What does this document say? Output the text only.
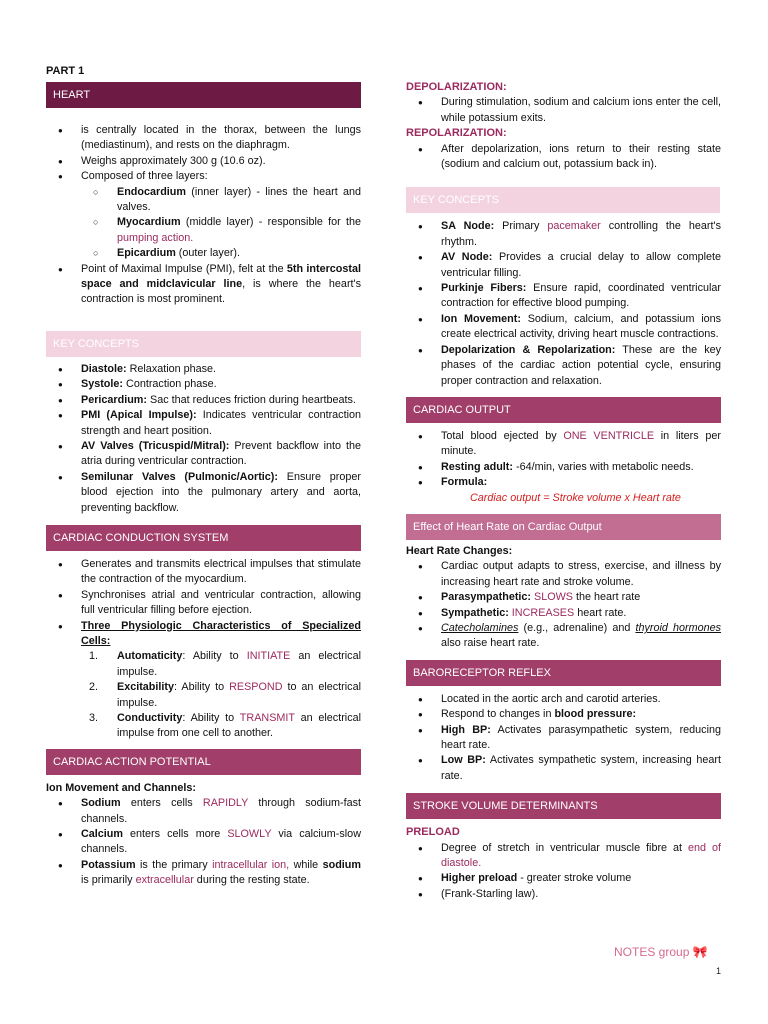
PART 1
HEART
● is centrally located in the thorax, between the lungs (mediastinum), and rests on the diaphragm.
● Weighs approximately 300 g (10.6 oz).
● Composed of three layers:
○ Endocardium (inner layer) - lines the heart and valves.
○ Myocardium (middle layer) - responsible for the pumping action.
○ Epicardium (outer layer).
● Point of Maximal Impulse (PMI), felt at the 5th intercostal space and midclavicular line, is where the heart's contraction is most prominent.
KEY CONCEPTS
● Diastole: Relaxation phase.
● Systole: Contraction phase.
● Pericardium: Sac that reduces friction during heartbeats.
● PMI (Apical Impulse): Indicates ventricular contraction strength and heart position.
● AV Valves (Tricuspid/Mitral): Prevent backflow into the atria during ventricular contraction.
● Semilunar Valves (Pulmonic/Aortic): Ensure proper blood ejection into the pulmonary artery and aorta, preventing backflow.
CARDIAC CONDUCTION SYSTEM
● Generates and transmits electrical impulses that stimulate the contraction of the myocardium.
● Synchronises atrial and ventricular contraction, allowing full ventricular filling before ejection.
● Three Physiologic Characteristics of Specialized Cells:
1. Automaticity: Ability to INITIATE an electrical impulse.
2. Excitability: Ability to RESPOND to an electrical impulse.
3. Conductivity: Ability to TRANSMIT an electrical impulse from one cell to another.
CARDIAC ACTION POTENTIAL
Ion Movement and Channels:
● Sodium enters cells RAPIDLY through sodium-fast channels.
● Calcium enters cells more SLOWLY via calcium-slow channels.
● Potassium is the primary intracellular ion, while sodium is primarily extracellular during the resting state.
DEPOLARIZATION:
● During stimulation, sodium and calcium ions enter the cell, while potassium exits.
REPOLARIZATION:
● After depolarization, ions return to their resting state (sodium and calcium out, potassium back in).
KEY CONCEPTS
● SA Node: Primary pacemaker controlling the heart's rhythm.
● AV Node: Provides a crucial delay to allow complete ventricular filling.
● Purkinje Fibers: Ensure rapid, coordinated ventricular contraction for effective blood pumping.
● Ion Movement: Sodium, calcium, and potassium ions create electrical activity, driving heart muscle contractions.
● Depolarization & Repolarization: These are the key phases of the cardiac action potential cycle, ensuring proper contraction and relaxation.
CARDIAC OUTPUT
● Total blood ejected by ONE VENTRICLE in liters per minute.
● Resting adult: -64/min, varies with metabolic needs.
● Formula:
Cardiac output = Stroke volume x Heart rate
Effect of Heart Rate on Cardiac Output
Heart Rate Changes:
● Cardiac output adapts to stress, exercise, and illness by increasing heart rate and stroke volume.
● Parasympathetic: SLOWS the heart rate
● Sympathetic: INCREASES heart rate.
● Catecholamines (e.g., adrenaline) and thyroid hormones also raise heart rate.
BARORECEPTOR REFLEX
● Located in the aortic arch and carotid arteries.
● Respond to changes in blood pressure:
● High BP: Activates parasympathetic system, reducing heart rate.
● Low BP: Activates sympathetic system, increasing heart rate.
STROKE VOLUME DETERMINANTS
PRELOAD
● Degree of stretch in ventricular muscle fibre at end of diastole.
● Higher preload - greater stroke volume
● (Frank-Starling law).
NOTES group 🎀
1
